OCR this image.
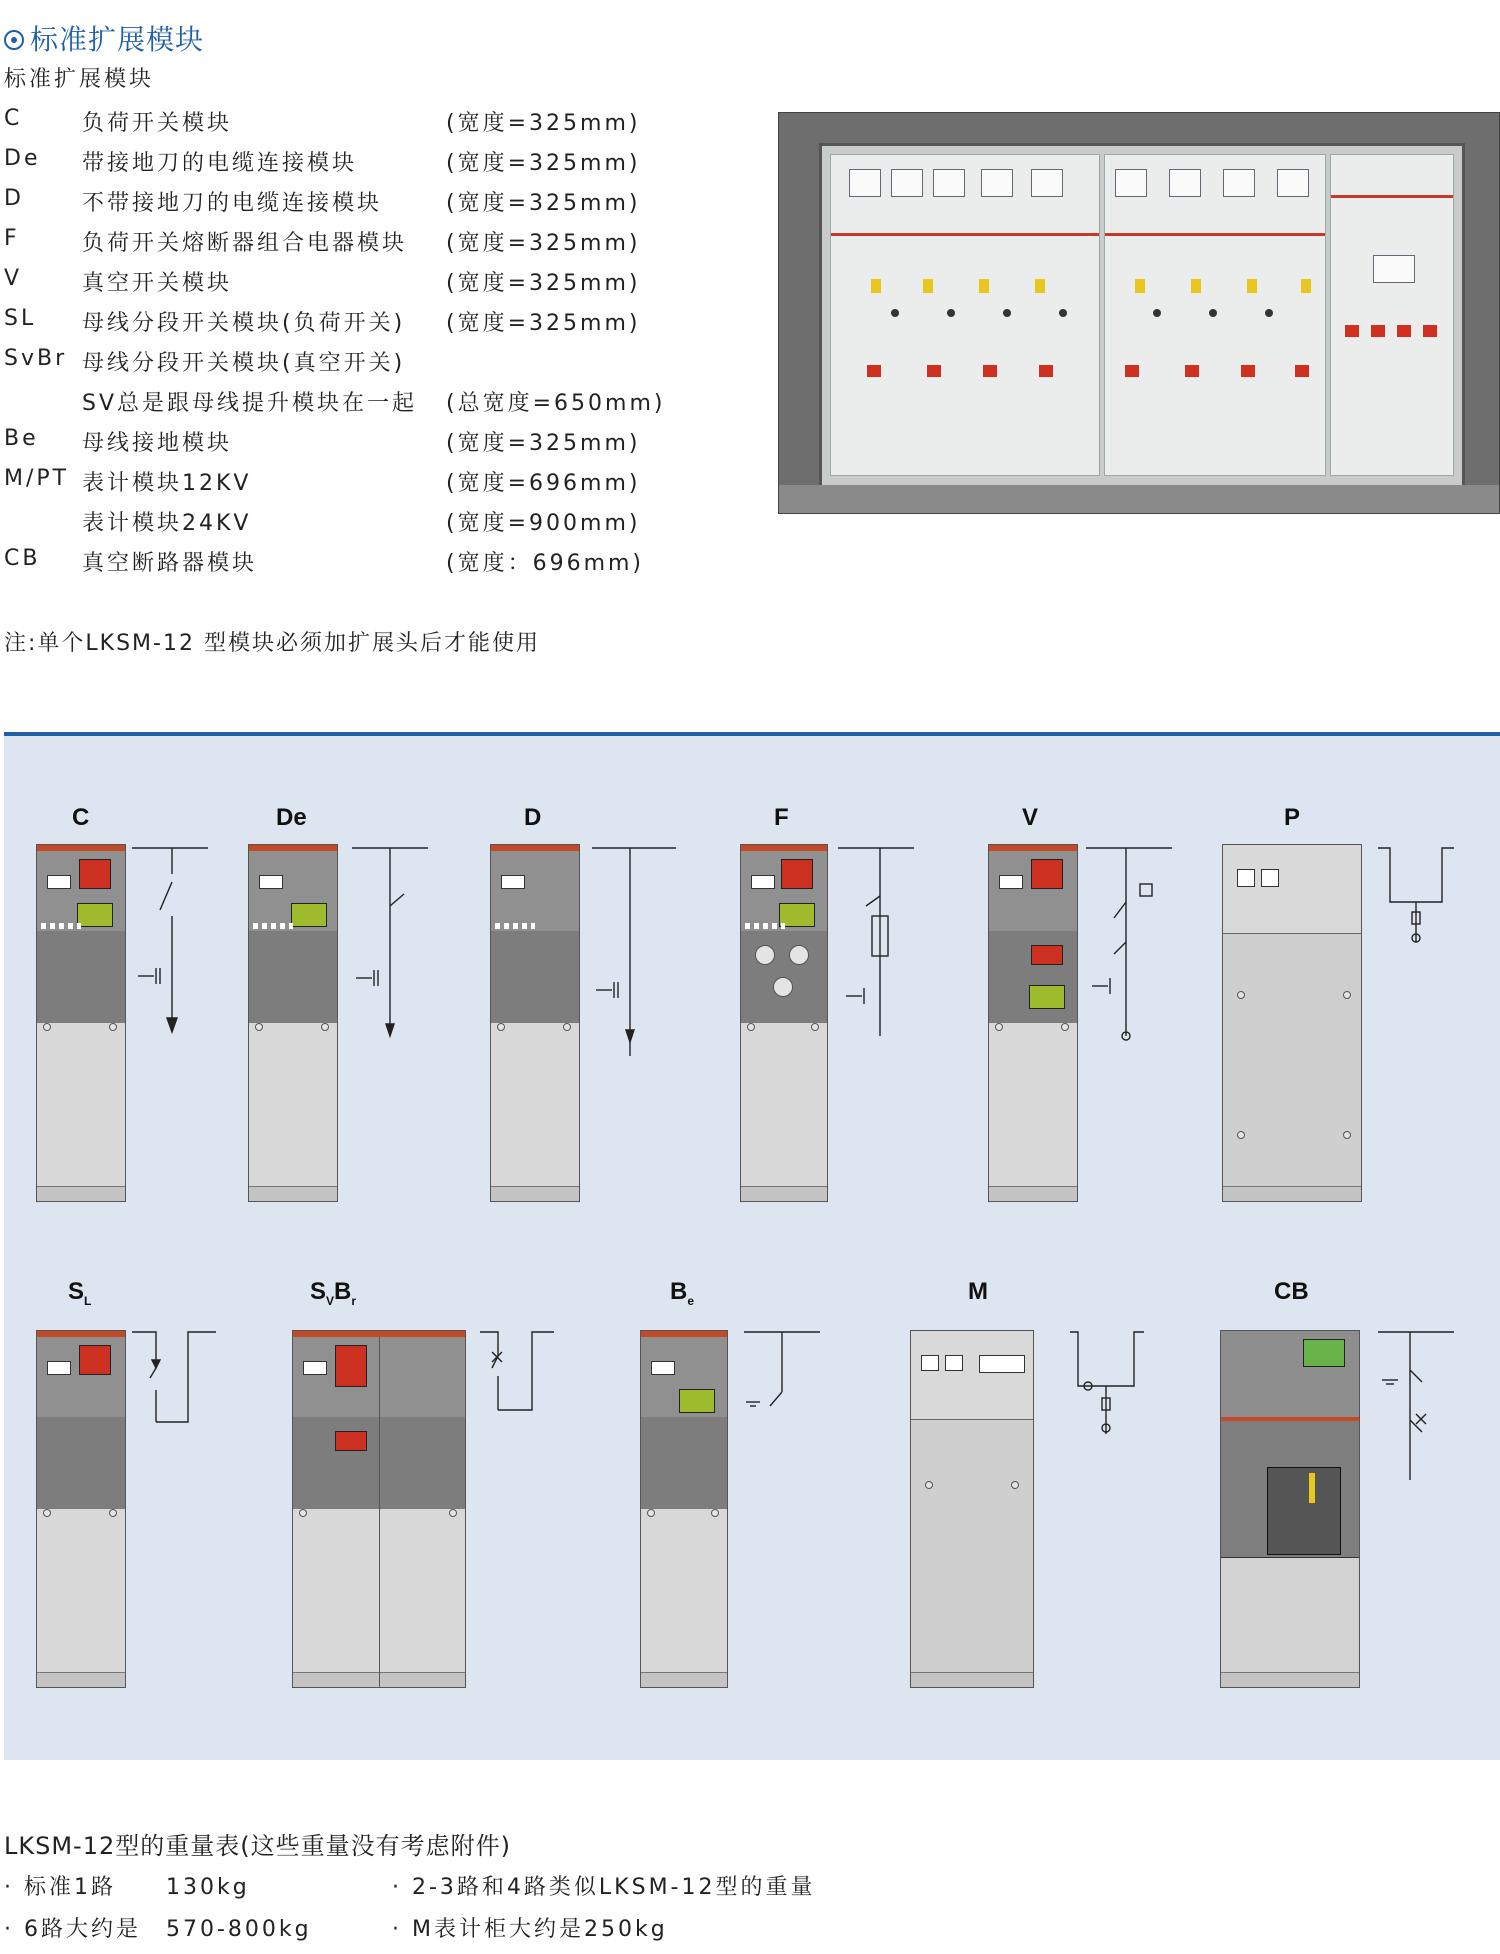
标准扩展模块
标准扩展模块
C	负荷开关模块	(宽度=325mm)
De 带接地刀的电缆连接模块	(宽度=325mm)
D	不带接地刀的电缆连接模块	(宽度=325mm)
F	负荷开关熔断器组合电器模块 (宽度=325mm)
V	真空开关模块	(宽度=325mm)
SL 母线分段开关模块(负荷开关) (宽度=325mm)
SvBr 母线分段开关模块(真空开关)
SV总是跟母线提升模块在一起 (总宽度=650mm)
Be 母线接地模块	(宽度=325mm)
M/PT 表计模块12KV	(宽度=696mm)
表计模块24KV	(宽度=900mm)
CB 真空断路器模块	(宽度：696mm)
注:单个LKSM-12 型模块必须加扩展头后才能使用
C	De	D	F	V	P
$S_L$	$S_VB_r$	$B_e$	M	CB
LKSM-12型的重量表(这些重量没有考虑附件)
· 标准1路　　130kg	· 2-3路和4路类似LKSM-12型的重量
· 6路大约是　570-800kg	· M表计柜大约是250kg
